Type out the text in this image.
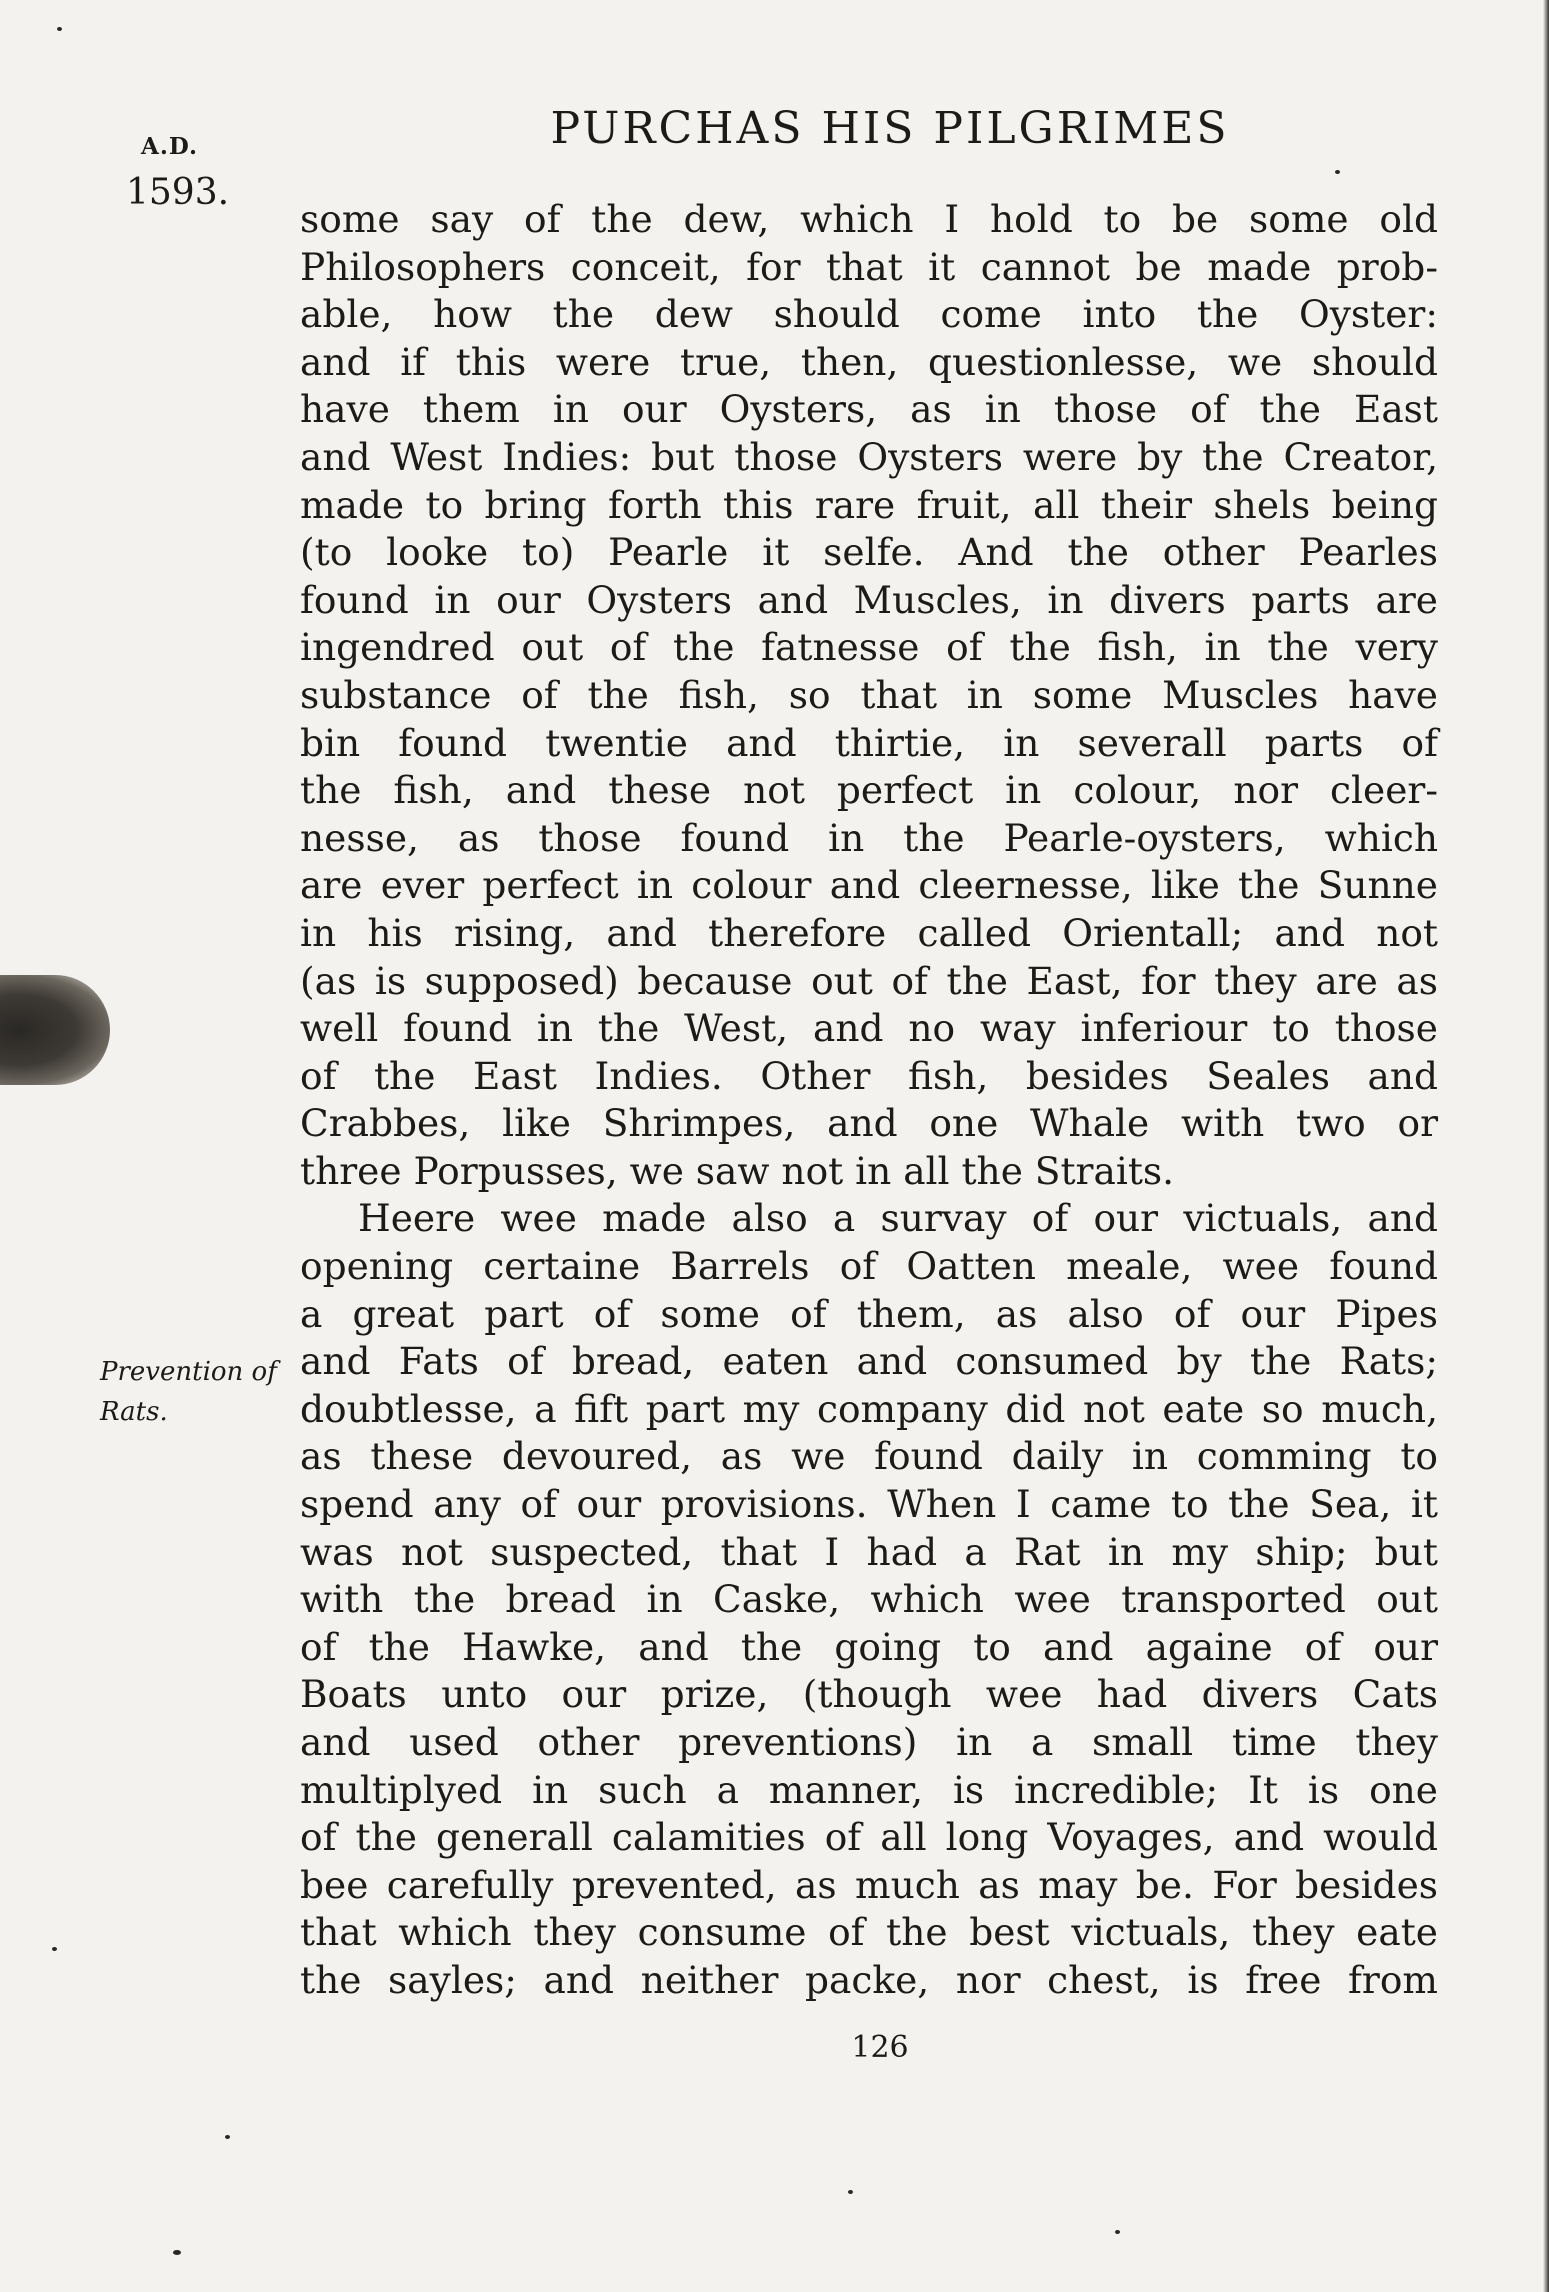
A.D.
1593.
PURCHAS HIS PILGRIMES
some say of the dew, which I hold to be some old
Philosophers conceit, for that it cannot be made prob-
able, how the dew should come into the Oyster:
and if this were true, then, questionlesse, we should
have them in our Oysters, as in those of the East
and West Indies: but those Oysters were by the Creator,
made to bring forth this rare fruit, all their shels being
(to looke to) Pearle it selfe. And the other Pearles
found in our Oysters and Muscles, in divers parts are
ingendred out of the fatnesse of the fish, in the very
substance of the fish, so that in some Muscles have
bin found twentie and thirtie, in severall parts of
the fish, and these not perfect in colour, nor cleer-
nesse, as those found in the Pearle-oysters, which
are ever perfect in colour and cleernesse, like the Sunne
in his rising, and therefore called Orientall; and not
(as is supposed) because out of the East, for they are as
well found in the West, and no way inferiour to those
of the East Indies. Other fish, besides Seales and
Crabbes, like Shrimpes, and one Whale with two or
three Porpusses, we saw not in all the Straits.
Heere wee made also a survay of our victuals, and
opening certaine Barrels of Oatten meale, wee found
a great part of some of them, as also of our Pipes
and Fats of bread, eaten and consumed by the Rats;
doubtlesse, a fift part my company did not eate so much,
as these devoured, as we found daily in comming to
spend any of our provisions. When I came to the Sea, it
was not suspected, that I had a Rat in my ship; but
with the bread in Caske, which wee transported out
of the Hawke, and the going to and againe of our
Boats unto our prize, (though wee had divers Cats
and used other preventions) in a small time they
multiplyed in such a manner, is incredible; It is one
of the generall calamities of all long Voyages, and would
bee carefully prevented, as much as may be. For besides
that which they consume of the best victuals, they eate
the sayles; and neither packe, nor chest, is free from
Prevention of
Rats.
126
